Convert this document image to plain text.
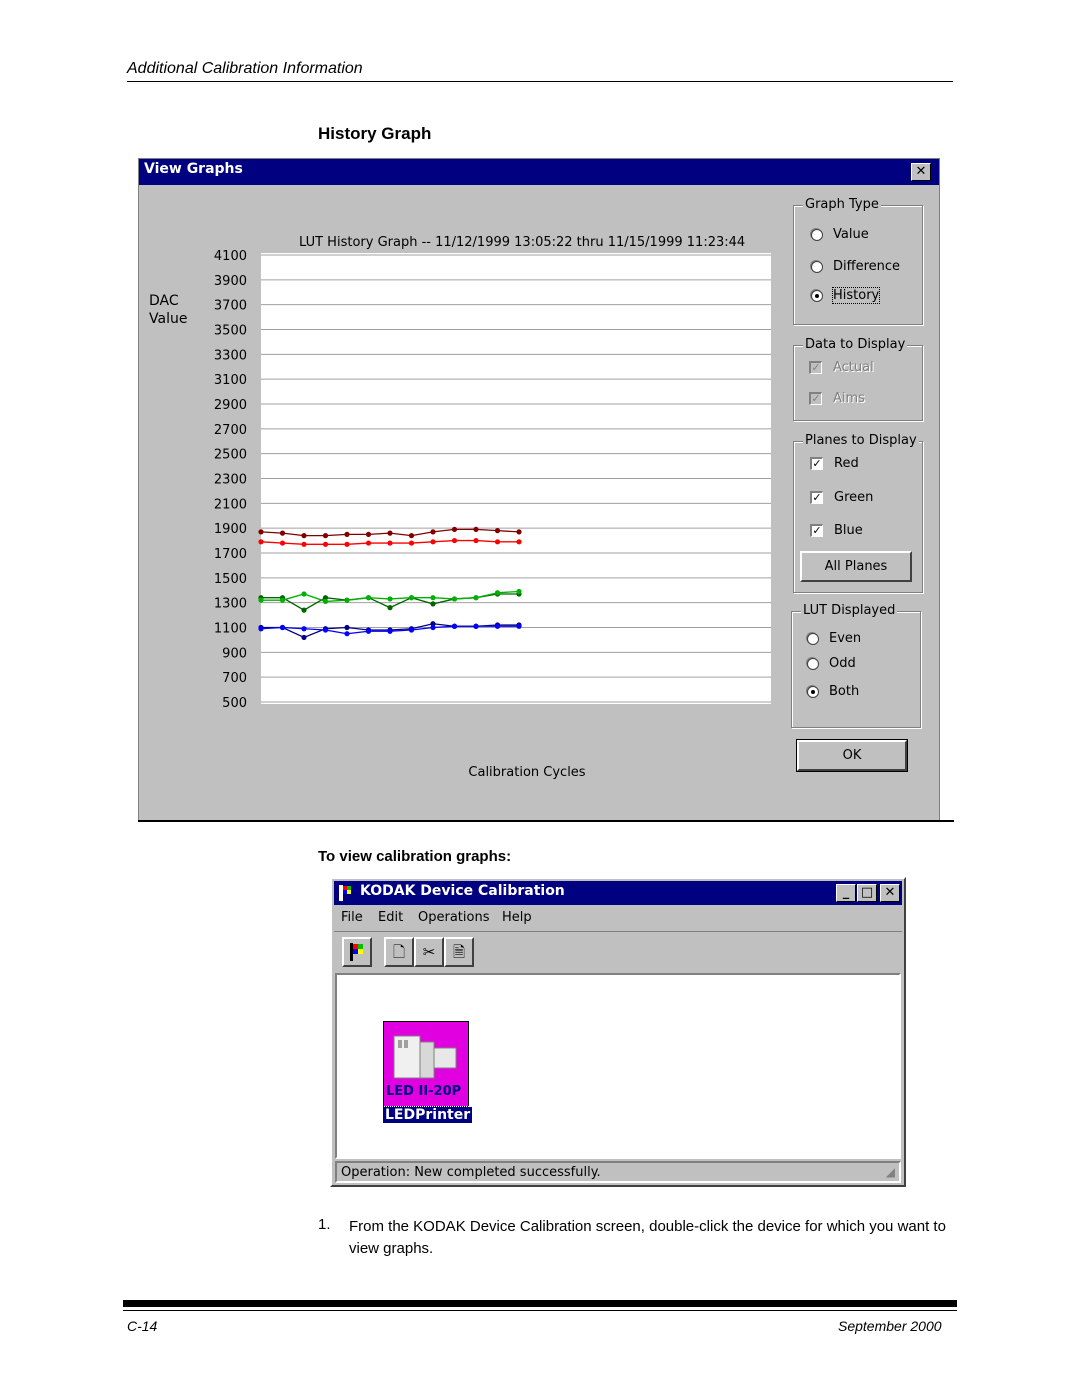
Additional Calibration Information
History Graph
View Graphs	✕
4100
3900
3700
3500
3300
3100
2900
2700
2500
2300
2100
1900
1700
1500
1300
1100
900
700
500
LUT History Graph -- 11/12/1999 13:05:22 thru 11/15/1999 11:23:44
DAC
Value
Calibration Cycles
Graph Type
Value
Difference
History
Data to Display
✓ Actual
✓ Aims
Planes to Display
✓ Red
✓ Green
✓ Blue
All Planes
LUT Displayed
Even
Odd
Both
OK
To view calibration graphs:
KODAK Device Calibration	_ □ ✕
File Edit Operations Help
🗋	✂	🗎
LED II-20P
LEDPrinter
Operation: New completed successfully.	◢
1. From the KODAK Device Calibration screen, double-click the device for which you want to view graphs.
C-14	September 2000
